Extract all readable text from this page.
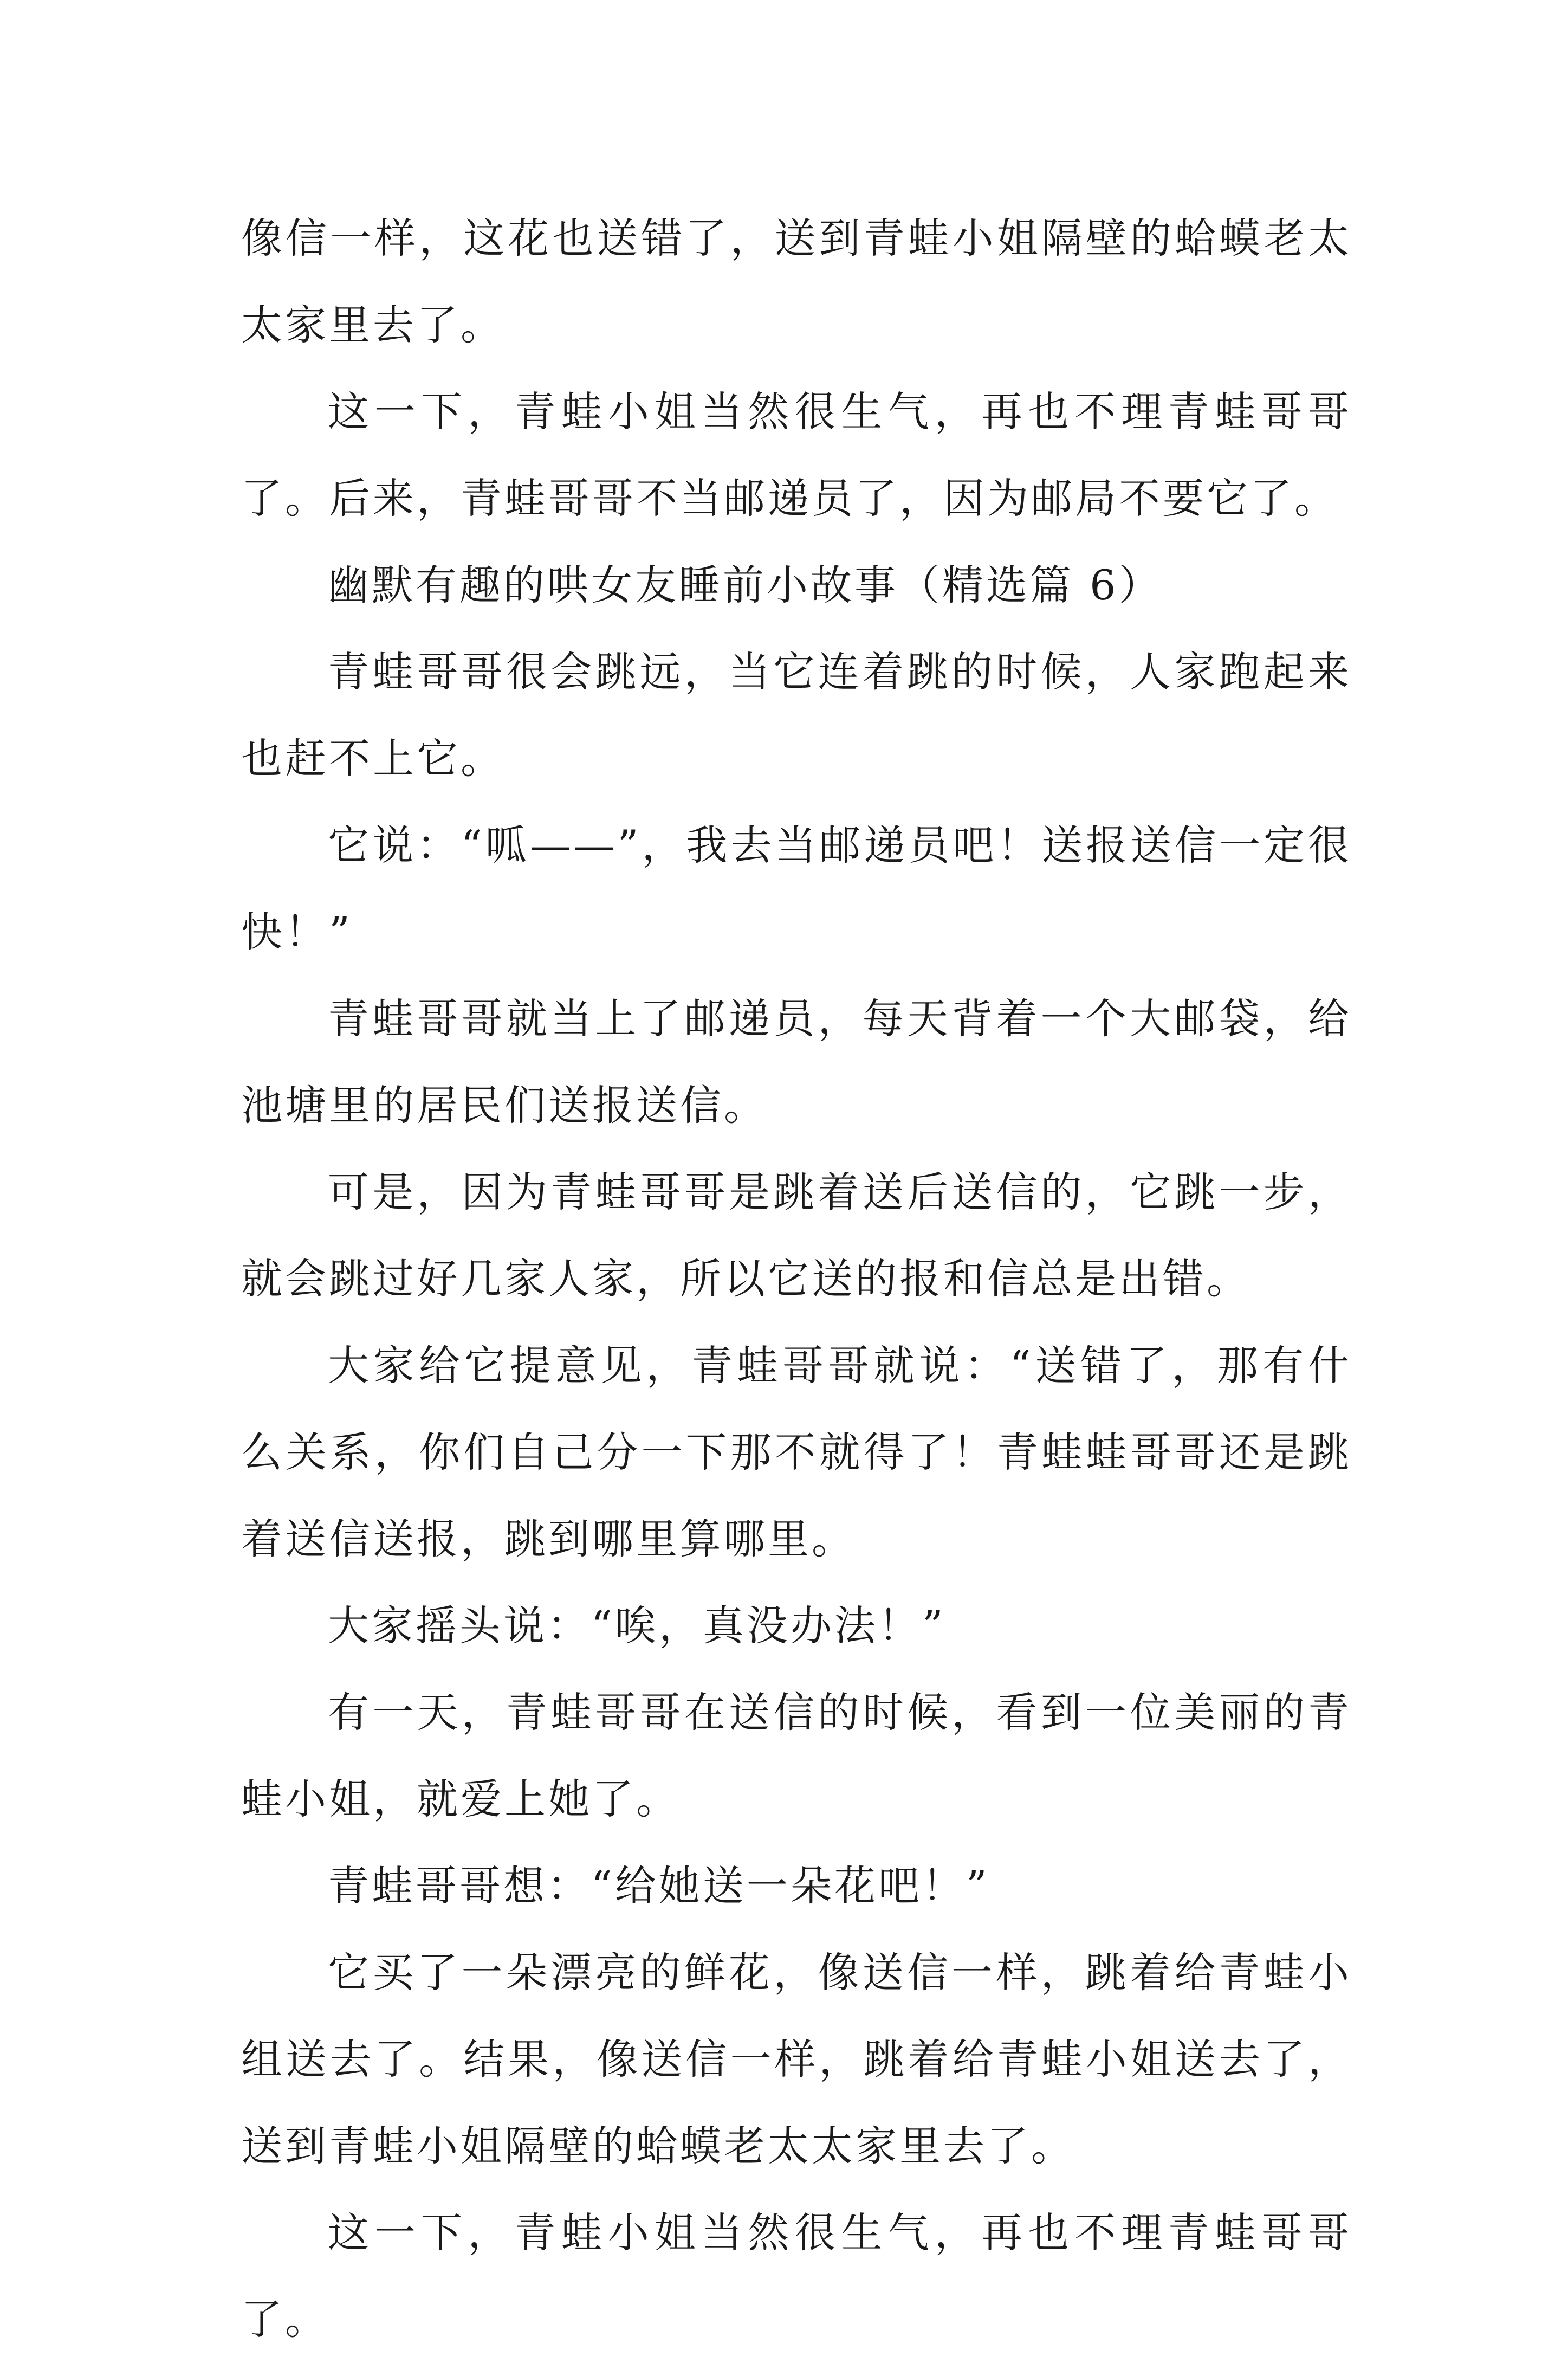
像信一样，这花也送错了，送到青蛙小姐隔壁的蛤蟆老太太家里去了。

这一下，青蛙小姐当然很生气，再也不理青蛙哥哥了。后来，青蛙哥哥不当邮递员了，因为邮局不要它了。

幽默有趣的哄女友睡前小故事（精选篇 6）

青蛙哥哥很会跳远，当它连着跳的时候，人家跑起来也赶不上它。

它说：“呱——”，我去当邮递员吧！送报送信一定很快！”

青蛙哥哥就当上了邮递员，每天背着一个大邮袋，给池塘里的居民们送报送信。

可是，因为青蛙哥哥是跳着送后送信的，它跳一步，就会跳过好几家人家，所以它送的报和信总是出错。

大家给它提意见，青蛙哥哥就说：“送错了，那有什么关系，你们自己分一下那不就得了！青蛙蛙哥哥还是跳着送信送报，跳到哪里算哪里。

大家摇头说：“唉，真没办法！”

有一天，青蛙哥哥在送信的时候，看到一位美丽的青蛙小姐，就爱上她了。

青蛙哥哥想：“给她送一朵花吧！”

它买了一朵漂亮的鲜花，像送信一样，跳着给青蛙小组送去了。结果，像送信一样，跳着给青蛙小姐送去了，送到青蛙小姐隔壁的蛤蟆老太太家里去了。

这一下，青蛙小姐当然很生气，再也不理青蛙哥哥了。
